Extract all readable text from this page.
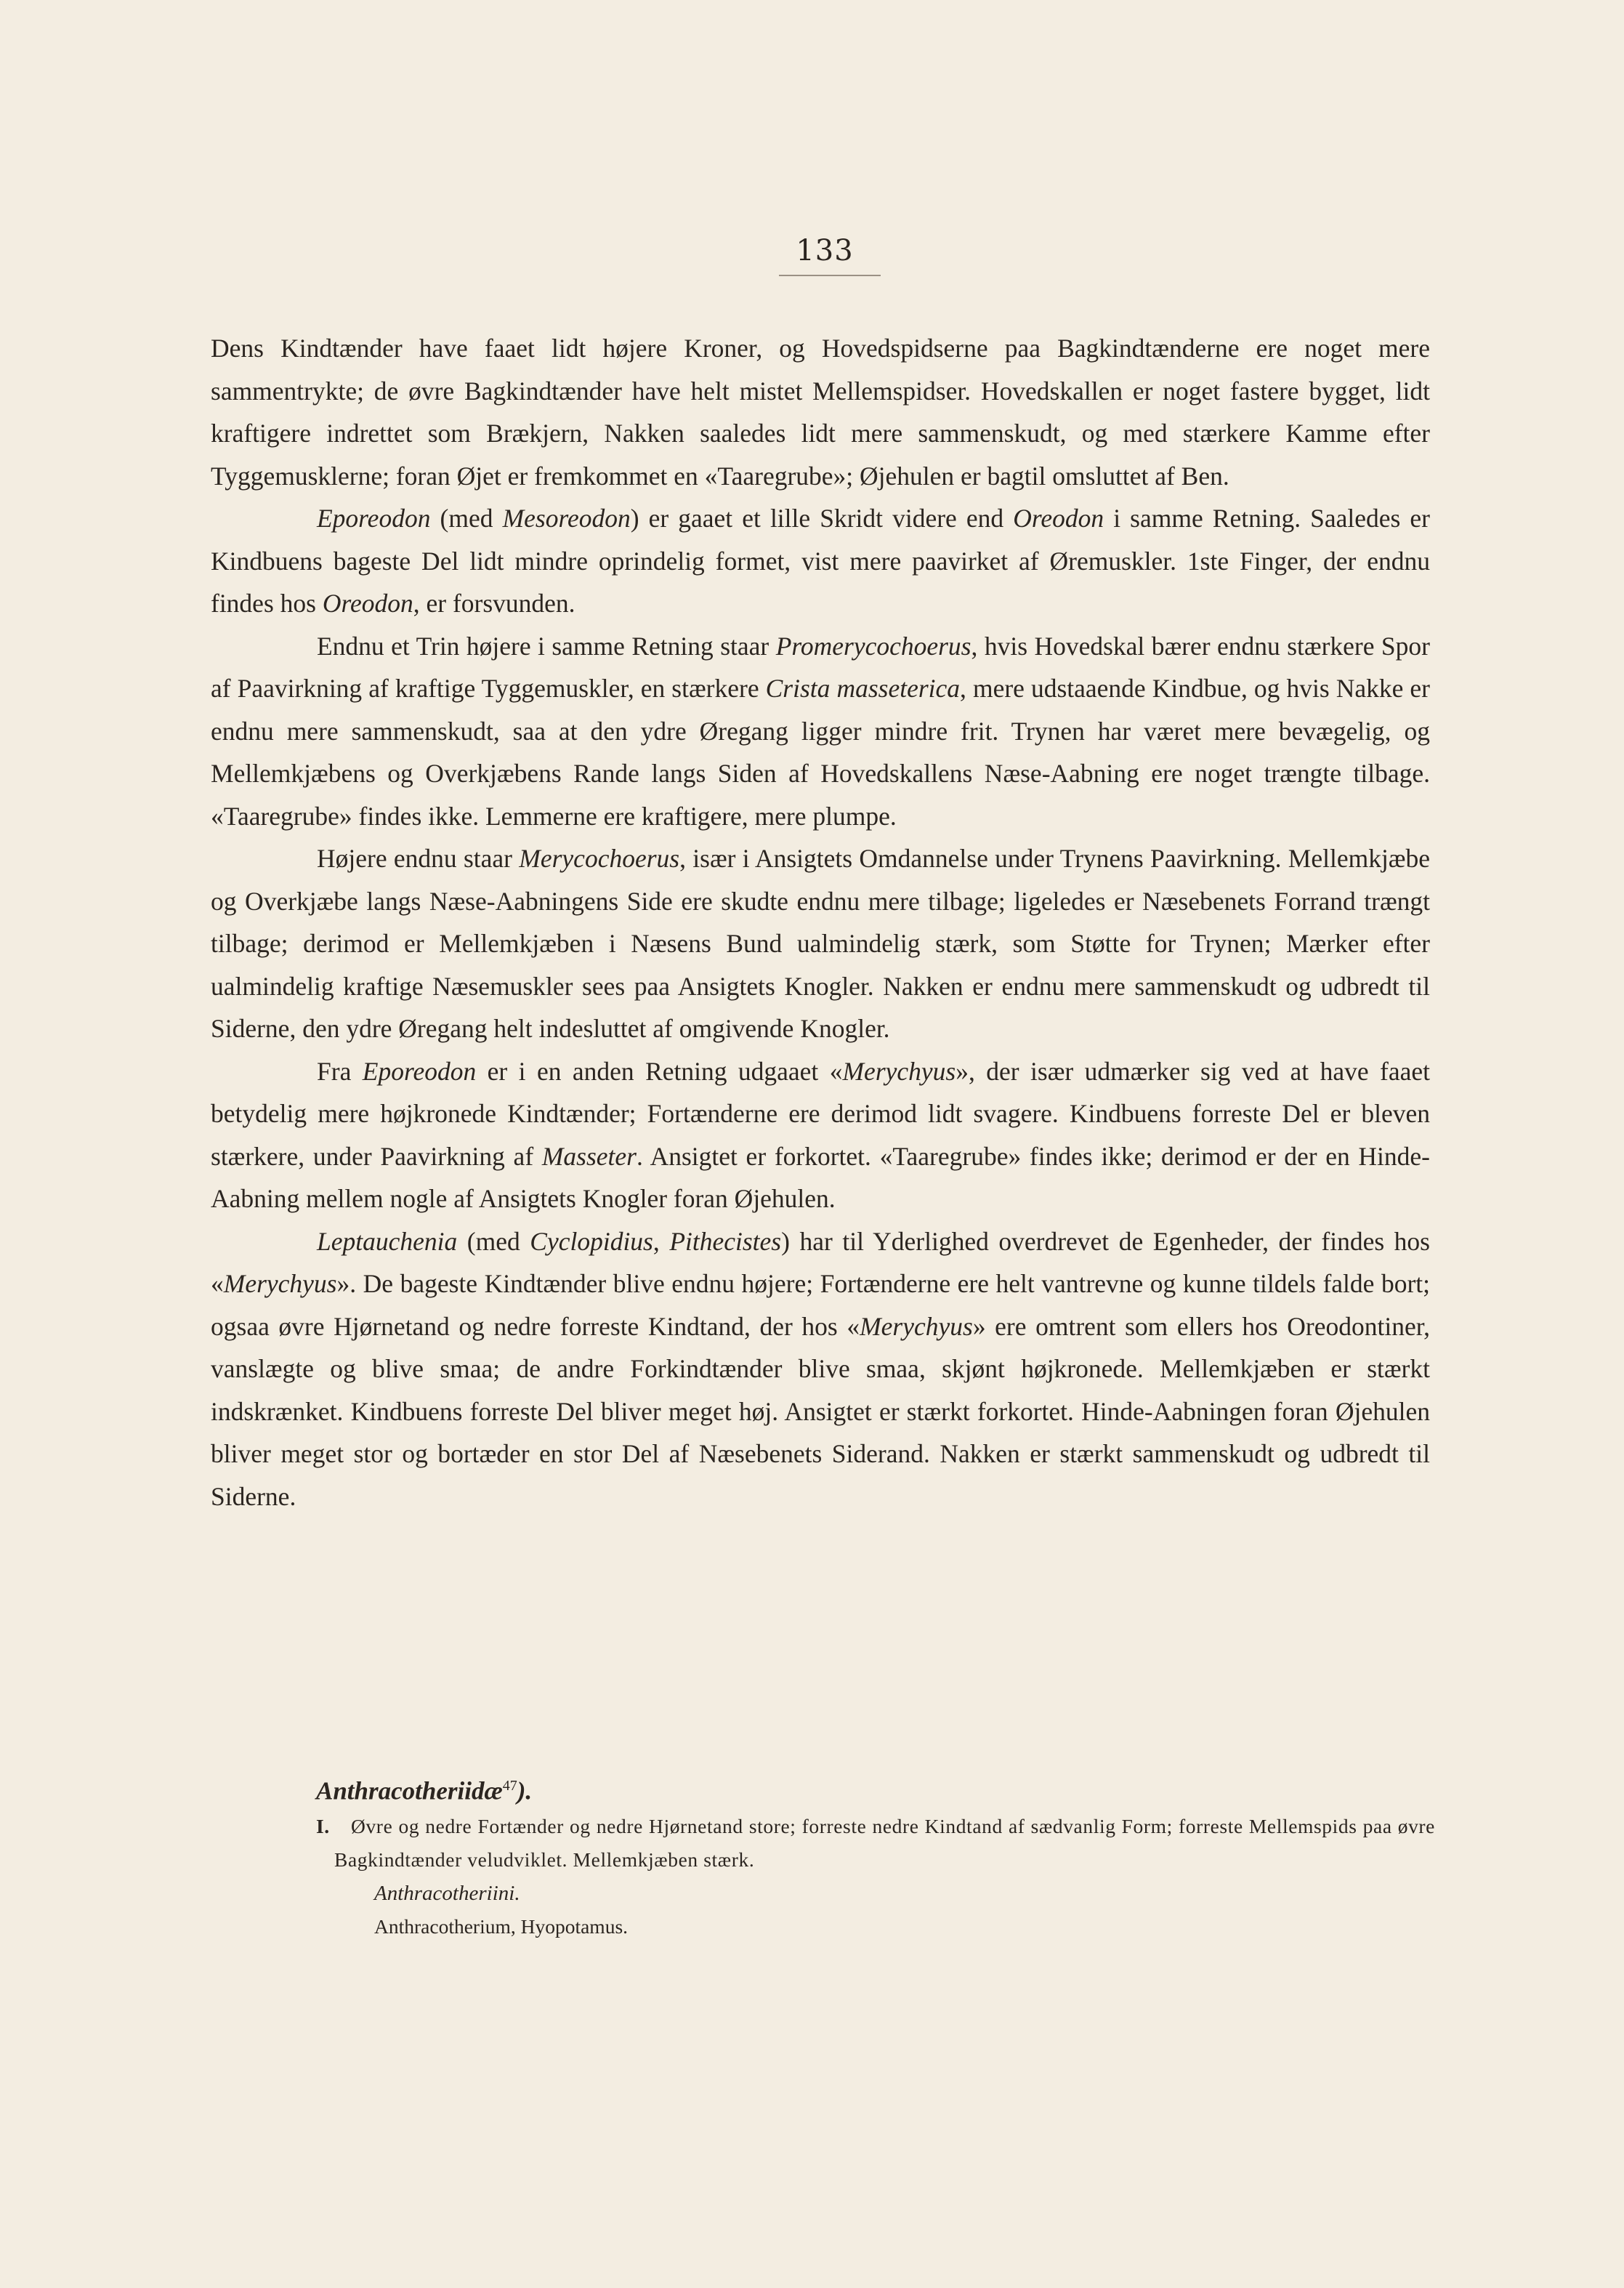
133

Dens Kindtænder have faaet lidt højere Kroner, og Hovedspidserne paa Bagkindtænderne ere noget mere sammentrykte; de øvre Bagkindtænder have helt mistet Mellemspidser. Hovedskallen er noget fastere bygget, lidt kraftigere indrettet som Brækjern, Nakken saaledes lidt mere sammenskudt, og med stærkere Kamme efter Tyggemusklerne; foran Øjet er fremkommet en «Taaregrube»; Øjehulen er bagtil omsluttet af Ben.

Eporeodon (med Mesoreodon) er gaaet et lille Skridt videre end Oreodon i samme Retning. Saaledes er Kindbuens bageste Del lidt mindre oprindelig formet, vist mere paavirket af Øremuskler. 1ste Finger, der endnu findes hos Oreodon, er forsvunden.

Endnu et Trin højere i samme Retning staar Promerycochoerus, hvis Hovedskal bærer endnu stærkere Spor af Paavirkning af kraftige Tyggemuskler, en stærkere Crista masseterica, mere udstaaende Kindbue, og hvis Nakke er endnu mere sammenskudt, saa at den ydre Øregang ligger mindre frit. Trynen har været mere bevægelig, og Mellemkjæbens og Overkjæbens Rande langs Siden af Hovedskallens Næse-Aabning ere noget trængte tilbage. «Taaregrube» findes ikke. Lemmerne ere kraftigere, mere plumpe.

Højere endnu staar Merycochoerus, især i Ansigtets Omdannelse under Trynens Paavirkning. Mellemkjæbe og Overkjæbe langs Næse-Aabningens Side ere skudte endnu mere tilbage; ligeledes er Næsebenets Forrand trængt tilbage; derimod er Mellemkjæben i Næsens Bund ualmindelig stærk, som Støtte for Trynen; Mærker efter ualmindelig kraftige Næsemuskler sees paa Ansigtets Knogler. Nakken er endnu mere sammenskudt og udbredt til Siderne, den ydre Øregang helt indesluttet af omgivende Knogler.

Fra Eporeodon er i en anden Retning udgaaet «Merychyus», der især udmærker sig ved at have faaet betydelig mere højkronede Kindtænder; Fortænderne ere derimod lidt svagere. Kindbuens forreste Del er bleven stærkere, under Paavirkning af Masseter. Ansigtet er forkortet. «Taaregrube» findes ikke; derimod er der en Hinde-Aabning mellem nogle af Ansigtets Knogler foran Øjehulen.

Leptauchenia (med Cyclopidius, Pithecistes) har til Yderlighed overdrevet de Egenheder, der findes hos «Merychyus». De bageste Kindtænder blive endnu højere; Fortænderne ere helt vantrevne og kunne tildels falde bort; ogsaa øvre Hjørnetand og nedre forreste Kindtand, der hos «Merychyus» ere omtrent som ellers hos Oreodontiner, vanslægte og blive smaa; de andre Forkindtænder blive smaa, skjønt højkronede. Mellemkjæben er stærkt indskrænket. Kindbuens forreste Del bliver meget høj. Ansigtet er stærkt forkortet. Hinde-Aabningen foran Øjehulen bliver meget stor og bortæder en stor Del af Næsebenets Siderand. Nakken er stærkt sammenskudt og udbredt til Siderne.

Anthracotheriidæ$^{47}$).
I. Øvre og nedre Fortænder og nedre Hjørnetand store; forreste nedre Kindtand af sædvanlig Form; forreste Mellemspids paa øvre Bagkindtænder veludviklet. Mellemkjæben stærk.
Anthracotheriini.
Anthracotherium, Hyopotamus.
